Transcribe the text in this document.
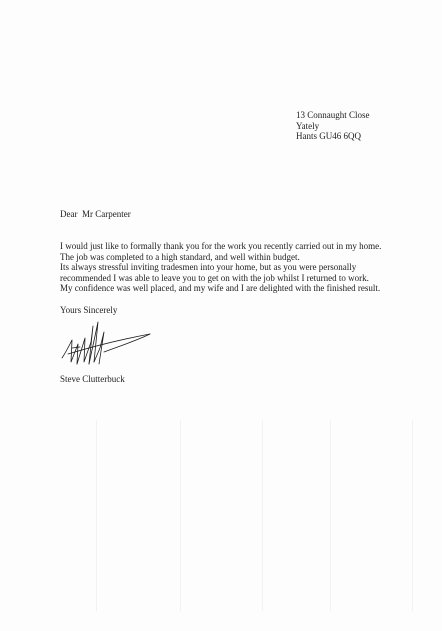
13 Connaught Close
Yately
Hants GU46 6QQ
Dear  Mr Carpenter
I would just like to formally thank you for the work you recently carried out in my home.
The job was completed to a high standard, and well within budget.
Its always stressful inviting tradesmen into your home, but as you were personally
recommended I was able to leave you to get on with the job whilst I returned to work.
My confidence was well placed, and my wife and I are delighted with the finished result.
Yours Sincerely
Steve Clutterbuck
